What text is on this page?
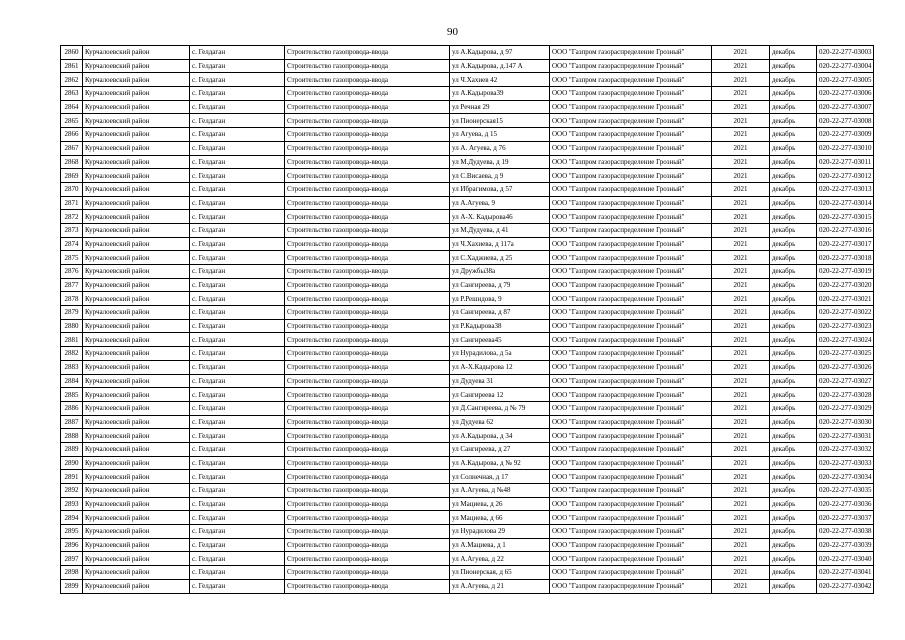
90
2860	Курчалоевский район	с. Гелдаган	Строительство газопровода-ввода	ул А.Кадырова, д 97	ООО "Газпром газораспределение Грозный"	2021	декабрь	020-22-277-03003
2861	Курчалоевский район	с. Гелдаган	Строительство газопровода-ввода	ул А.Кадырова, д.147 А	ООО "Газпром газораспределение Грозный"	2021	декабрь	020-22-277-03004
2862	Курчалоевский район	с. Гелдаган	Строительство газопровода-ввода	ул Ч.Хахиев 42	ООО "Газпром газораспределение Грозный"	2021	декабрь	020-22-277-03005
2863	Курчалоевский район	с. Гелдаган	Строительство газопровода-ввода	ул А.Кадырова39	ООО "Газпром газораспределение Грозный"	2021	декабрь	020-22-277-03006
2864	Курчалоевский район	с. Гелдаган	Строительство газопровода-ввода	ул Речная 29	ООО "Газпром газораспределение Грозный"	2021	декабрь	020-22-277-03007
2865	Курчалоевский район	с. Гелдаган	Строительство газопровода-ввода	ул Пионерская15	ООО "Газпром газораспределение Грозный"	2021	декабрь	020-22-277-03008
2866	Курчалоевский район	с. Гелдаган	Строительство газопровода-ввода	ул Агуева, д 15	ООО "Газпром газораспределение Грозный"	2021	декабрь	020-22-277-03009
2867	Курчалоевский район	с. Гелдаган	Строительство газопровода-ввода	ул А. Агуева, д 76	ООО "Газпром газораспределение Грозный"	2021	декабрь	020-22-277-03010
2868	Курчалоевский район	с. Гелдаган	Строительство газопровода-ввода	ул М.Дудуева, д 19	ООО "Газпром газораспределение Грозный"	2021	декабрь	020-22-277-03011
2869	Курчалоевский район	с. Гелдаган	Строительство газопровода-ввода	ул С.Висаева, д 9	ООО "Газпром газораспределение Грозный"	2021	декабрь	020-22-277-03012
2870	Курчалоевский район	с. Гелдаган	Строительство газопровода-ввода	ул Ибрагимова, д 57	ООО "Газпром газораспределение Грозный"	2021	декабрь	020-22-277-03013
2871	Курчалоевский район	с. Гелдаган	Строительство газопровода-ввода	ул А.Агуева, 9	ООО "Газпром газораспределение Грозный"	2021	декабрь	020-22-277-03014
2872	Курчалоевский район	с. Гелдаган	Строительство газопровода-ввода	ул А-Х. Кадырова46	ООО "Газпром газораспределение Грозный"	2021	декабрь	020-22-277-03015
2873	Курчалоевский район	с. Гелдаган	Строительство газопровода-ввода	ул М.Дудуева, д 41	ООО "Газпром газораспределение Грозный"	2021	декабрь	020-22-277-03016
2874	Курчалоевский район	с. Гелдаган	Строительство газопровода-ввода	ул Ч.Хахиева, д 117а	ООО "Газпром газораспределение Грозный"	2021	декабрь	020-22-277-03017
2875	Курчалоевский район	с. Гелдаган	Строительство газопровода-ввода	ул С.Хаджиева, д 25	ООО "Газпром газораспределение Грозный"	2021	декабрь	020-22-277-03018
2876	Курчалоевский район	с. Гелдаган	Строительство газопровода-ввода	ул Дружбы38а	ООО "Газпром газораспределение Грозный"	2021	декабрь	020-22-277-03019
2877	Курчалоевский район	с. Гелдаган	Строительство газопровода-ввода	ул Сангиреева, д 79	ООО "Газпром газораспределение Грозный"	2021	декабрь	020-22-277-03020
2878	Курчалоевский район	с. Гелдаган	Строительство газопровода-ввода	ул Р.Решидова, 9	ООО "Газпром газораспределение Грозный"	2021	декабрь	020-22-277-03021
2879	Курчалоевский район	с. Гелдаган	Строительство газопровода-ввода	ул Сангиреева, д 87	ООО "Газпром газораспределение Грозный"	2021	декабрь	020-22-277-03022
2880	Курчалоевский район	с. Гелдаган	Строительство газопровода-ввода	ул Р.Кадырова38	ООО "Газпром газораспределение Грозный"	2021	декабрь	020-22-277-03023
2881	Курчалоевский район	с. Гелдаган	Строительство газопровода-ввода	ул Сангиреева45	ООО "Газпром газораспределение Грозный"	2021	декабрь	020-22-277-03024
2882	Курчалоевский район	с. Гелдаган	Строительство газопровода-ввода	ул Нурадилова, д 5а	ООО "Газпром газораспределение Грозный"	2021	декабрь	020-22-277-03025
2883	Курчалоевский район	с. Гелдаган	Строительство газопровода-ввода	ул А-Х.Кадырова 12	ООО "Газпром газораспределение Грозный"	2021	декабрь	020-22-277-03026
2884	Курчалоевский район	с. Гелдаган	Строительство газопровода-ввода	ул Дудуева 31	ООО "Газпром газораспределение Грозный"	2021	декабрь	020-22-277-03027
2885	Курчалоевский район	с. Гелдаган	Строительство газопровода-ввода	ул Сангиреева 12	ООО "Газпром газораспределение Грозный"	2021	декабрь	020-22-277-03028
2886	Курчалоевский район	с. Гелдаган	Строительство газопровода-ввода	ул Д.Сангиреева, д № 79	ООО "Газпром газораспределение Грозный"	2021	декабрь	020-22-277-03029
2887	Курчалоевский район	с. Гелдаган	Строительство газопровода-ввода	ул Дудуева 62	ООО "Газпром газораспределение Грозный"	2021	декабрь	020-22-277-03030
2888	Курчалоевский район	с. Гелдаган	Строительство газопровода-ввода	ул А.Кадырова, д 34	ООО "Газпром газораспределение Грозный"	2021	декабрь	020-22-277-03031
2889	Курчалоевский район	с. Гелдаган	Строительство газопровода-ввода	ул Сангиреева, д 27	ООО "Газпром газораспределение Грозный"	2021	декабрь	020-22-277-03032
2890	Курчалоевский район	с. Гелдаган	Строительство газопровода-ввода	ул А.Кадырова, д № 92	ООО "Газпром газораспределение Грозный"	2021	декабрь	020-22-277-03033
2891	Курчалоевский район	с. Гелдаган	Строительство газопровода-ввода	ул Солнечная, д 17	ООО "Газпром газораспределение Грозный"	2021	декабрь	020-22-277-03034
2892	Курчалоевский район	с. Гелдаган	Строительство газопровода-ввода	ул А.Агуева, д №48	ООО "Газпром газораспределение Грозный"	2021	декабрь	020-22-277-03035
2893	Курчалоевский район	с. Гелдаган	Строительство газопровода-ввода	ул Мациева, д 26	ООО "Газпром газораспределение Грозный"	2021	декабрь	020-22-277-03036
2894	Курчалоевский район	с. Гелдаган	Строительство газопровода-ввода	ул Мациева, д 66	ООО "Газпром газораспределение Грозный"	2021	декабрь	020-22-277-03037
2895	Курчалоевский район	с. Гелдаган	Строительство газопровода-ввода	ул Нурадилова 29	ООО "Газпром газораспределение Грозный"	2021	декабрь	020-22-277-03038
2896	Курчалоевский район	с. Гелдаган	Строительство газопровода-ввода	ул А.Мациева, д 1	ООО "Газпром газораспределение Грозный"	2021	декабрь	020-22-277-03039
2897	Курчалоевский район	с. Гелдаган	Строительство газопровода-ввода	ул А.Агуева, д 22	ООО "Газпром газораспределение Грозный"	2021	декабрь	020-22-277-03040
2898	Курчалоевский район	с. Гелдаган	Строительство газопровода-ввода	ул Пионерская, д 65	ООО "Газпром газораспределение Грозный"	2021	декабрь	020-22-277-03041
2899	Курчалоевский район	с. Гелдаган	Строительство газопровода-ввода	ул А.Агуева, д 21	ООО "Газпром газораспределение Грозный"	2021	декабрь	020-22-277-03042
